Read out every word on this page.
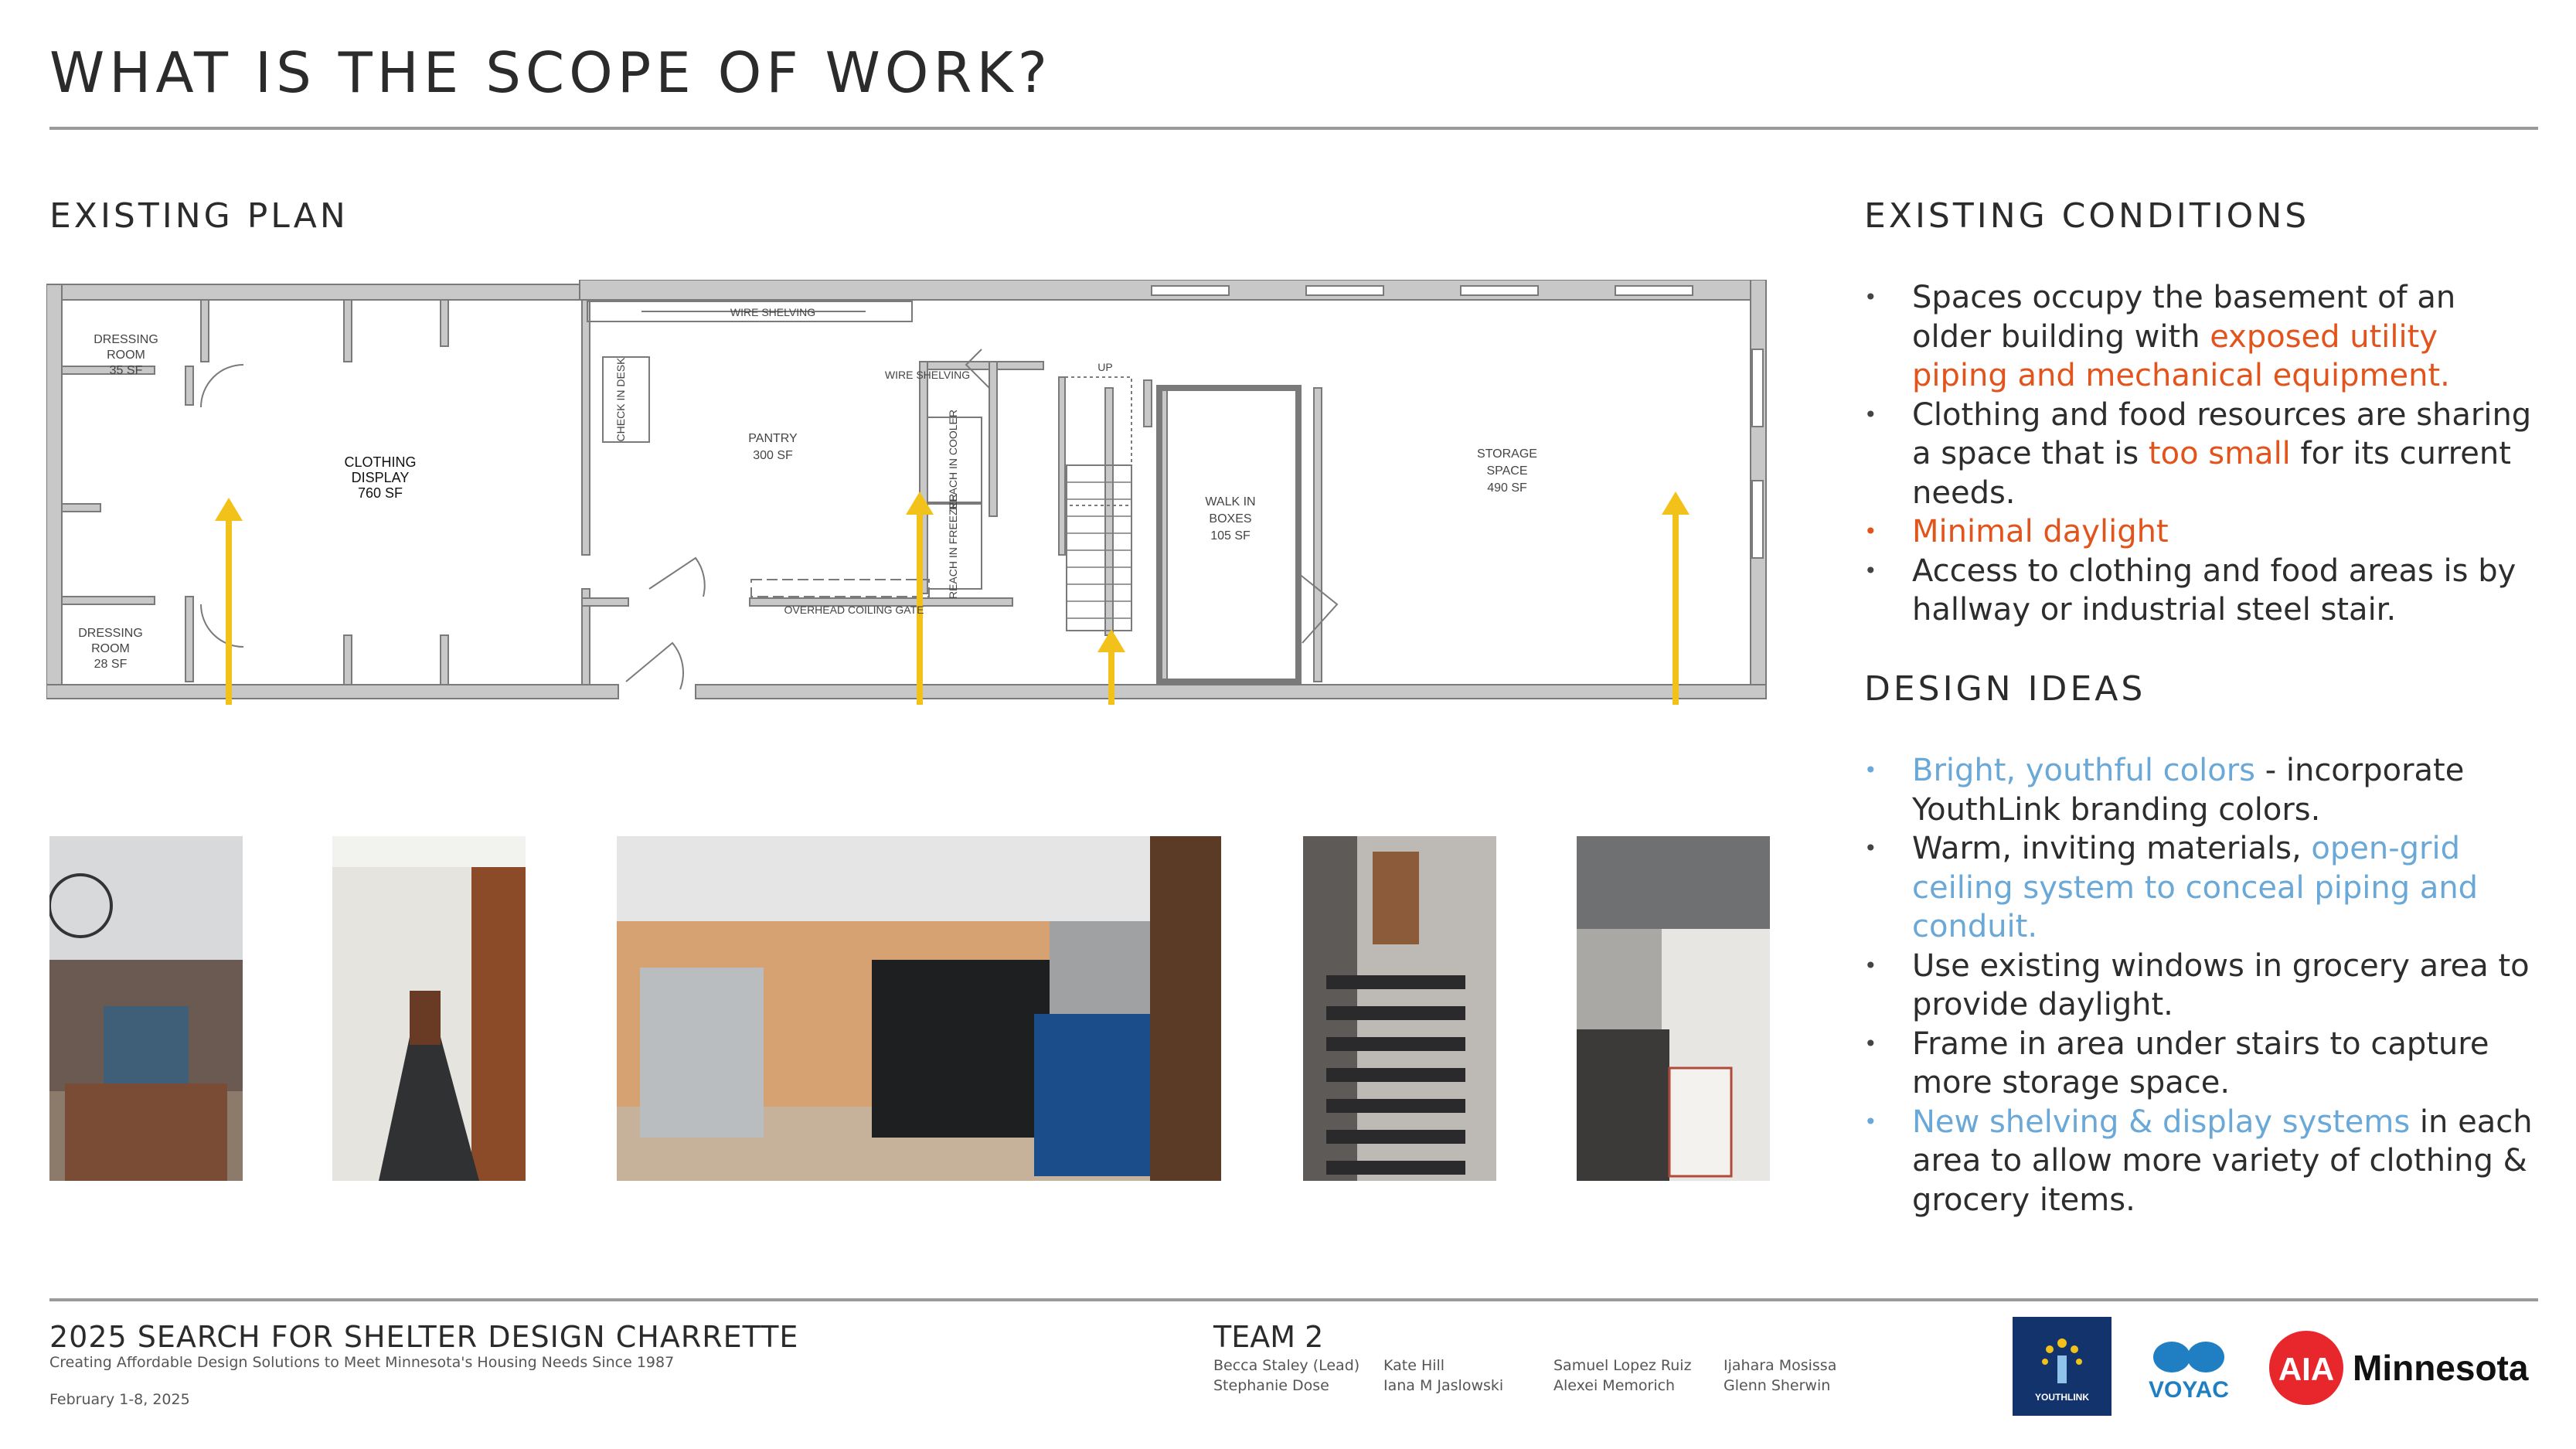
WHAT IS THE SCOPE OF WORK?
EXISTING PLAN
DRESSING
ROOM
35 SF
DRESSING
ROOM
28 SF
CLOTHING
DISPLAY
760 SF
PANTRY
300 SF
WIRE SHELVING
WIRE SHELVING
OVERHEAD COILING GATE
UP
WALK IN
BOXES
105 SF
STORAGE
SPACE
490 SF
CHECK IN DESK
REACH IN COOLER
REACH IN FREEZER
EXISTING CONDITIONS
• Spaces occupy the basement of an older building with exposed utility piping and mechanical equipment.
• Clothing and food resources are sharing a space that is too small for its current needs.
• Minimal daylight
• Access to clothing and food areas is by hallway or industrial steel stair.
DESIGN IDEAS
• Bright, youthful colors - incorporate YouthLink branding colors.
• Warm, inviting materials, open-grid ceiling system to conceal piping and conduit.
• Use existing windows in grocery area to provide daylight.
• Frame in area under stairs to capture more storage space.
• New shelving & display systems in each area to allow more variety of clothing & grocery items.
2025 SEARCH FOR SHELTER DESIGN CHARRETTE
Creating Affordable Design Solutions to Meet Minnesota's Housing Needs Since 1987
February 1-8, 2025
TEAM 2
Becca Staley (Lead)
Stephanie Dose
Kate Hill
Iana M Jaslowski
Samuel Lopez Ruiz
Alexei Memorich
Ijahara Mosissa
Glenn Sherwin
YOUTHLINK	VOYAC
AIA Minnesota
